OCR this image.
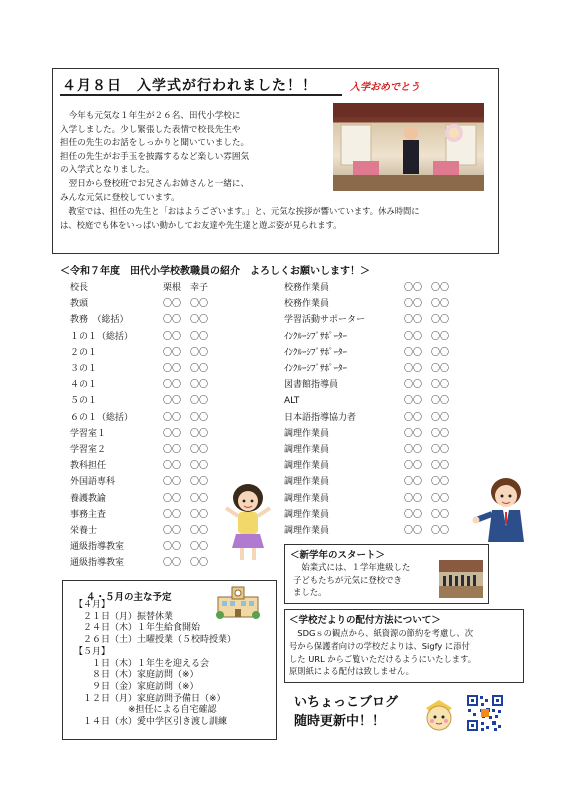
４月８日　入学式が行われました！！	入学おめでとう

　今年も元気な１年生が２６名、田代小学校に

入学しました。少し緊張した表情で校長先生や

担任の先生のお話をしっかりと聞いていました。

担任の先生がお手玉を披露するなど楽しい雰囲気

の入学式となりました。

　翌日から登校班でお兄さんお姉さんと一緒に、

みんな元気に登校しています。

　教室では、担任の先生と「おはようございます。」と、元気な挨拶が響いています。休み時間に

は、校庭でも体をいっぱい動かしてお友達や先生達と遊ぶ姿が見られます。

＜令和７年度　田代小学校教職員の紹介　よろしくお願いします！＞
校長	栗根　幸子
教頭	〇〇　〇〇
教務　（総括）	〇〇　〇〇
１の１（総括）	〇〇　〇〇
２の１	〇〇　〇〇
３の１	〇〇　〇〇
４の１	〇〇　〇〇
５の１	〇〇　〇〇
６の１（総括）	〇〇　〇〇
学習室１	〇〇　〇〇
学習室２	〇〇　〇〇
教科担任	〇〇　〇〇
外国語専科	〇〇　〇〇
養護教諭	〇〇　〇〇
事務主査	〇〇　〇〇
栄養士	〇〇　〇〇
通級指導教室	〇〇　〇〇
通級指導教室	〇〇　〇〇
校務作業員	〇〇　〇〇
校務作業員	〇〇　〇〇
学習活動サポーター	〇〇　〇〇
ｲﾝｸﾙｰｼﾌﾞｻﾎﾟｰﾀｰ	〇〇　〇〇
ｲﾝｸﾙｰｼﾌﾞｻﾎﾟｰﾀｰ	〇〇　〇〇
ｲﾝｸﾙｰｼﾌﾞｻﾎﾟｰﾀｰ	〇〇　〇〇
図書館指導員	〇〇　〇〇
ALT	〇〇　〇〇
日本語指導協力者	〇〇　〇〇
調理作業員	〇〇　〇〇
調理作業員	〇〇　〇〇
調理作業員	〇〇　〇〇
調理作業員	〇〇　〇〇
調理作業員	〇〇　〇〇
調理作業員	〇〇　〇〇
調理作業員	〇〇　〇〇
４・５月の主な予定
【４月】
　２１日（月）振替休業
　２４日（木）１年生給食開始
　２６日（土）土曜授業（５校時授業）
【５月】
　　１日（木）１年生を迎える会
　　８日（木）家庭訪問（※）
　　９日（金）家庭訪問（※）
　１２日（月）家庭訪問予備日（※）
　　　　　　※担任による自宅確認
　１４日（水）愛中学区引き渡し訓練
＜新学年のスタート＞
　始業式には、１学年進級した
子どもたちが元気に登校でき
ました。
＜学校だよりの配付方法について＞
　SDGｓの観点から、紙資源の節約を考慮し、次
号から保護者向けの学校だよりは、Sigfy に添付
した URL からご覧いただけるようにいたします。
原則紙による配付は致しません。
いちょっこブログ
随時更新中！！
